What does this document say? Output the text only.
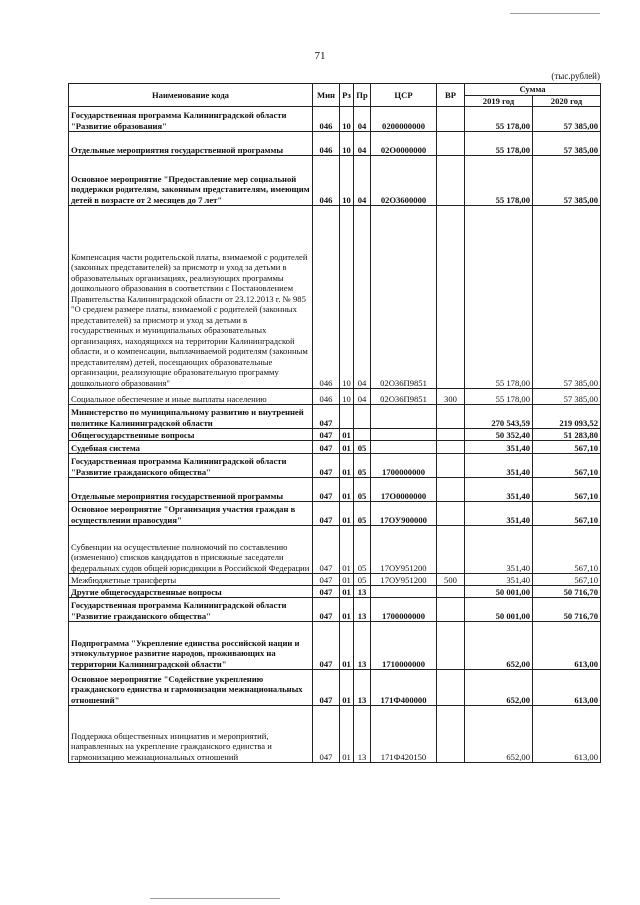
71
(тыс.рублей)
Наименование кода	Мин	Рз	Пр	ЦСР	ВР	Сумма	
						2019 год	2020 год
Государственная программа Калининградской области "Развитие образования"	046	10	04	0200000000		55 178,00	57 385,00
Отдельные мероприятия государственной программы	046	10	04	02О0000000		55 178,00	57 385,00
Основное мероприятие "Предоставление мер социальной поддержки родителям, законным представителям, имеющим детей в возрасте от 2 месяцев до 7 лет"	046	10	04	02О3600000		55 178,00	57 385,00
Компенсация части родительской платы, взимаемой с родителей (законных представителей) за присмотр и уход за детьми в образовательных организациях, реализующих программы дошкольного образования в соответствии с Постановлением Правительства Калининградской области от 23.12.2013 г. № 985 "О среднем размере платы, взимаемой с родителей (законных представителей) за присмотр и уход за детьми в государственных и муниципальных образовательных организациях, находящихся на территории Калининградской области, и о компенсации, выплачиваемой родителям (законным представителям) детей, посещающих образовательные организации, реализующие образовательную программу дошкольного образования"	046	10	04	02О36П9851		55 178,00	57 385,00
Социальное обеспечение и иные выплаты населению	046	10	04	02О36П9851	300	55 178,00	57 385,00
Министерство по муниципальному развитию и внутренней политике Калининградской области	047					270 543,59	219 093,52
Общегосударственные вопросы	047	01				50 352,40	51 283,80
Судебная система	047	01	05			351,40	567,10
Государственная программа Калининградской области "Развитие гражданского общества"	047	01	05	1700000000		351,40	567,10
Отдельные мероприятия государственной программы	047	01	05	17О0000000		351,40	567,10
Основное мероприятие "Организация участия граждан в осуществлении правосудия"	047	01	05	17ОУ900000		351,40	567,10
Субвенции на осуществление полномочий по составлению (изменению) списков кандидатов в присяжные заседатели федеральных судов общей юрисдикции в Российской Федерации	047	01	05	17ОУ951200		351,40	567,10
Межбюджетные трансферты	047	01	05	17ОУ951200	500	351,40	567,10
Другие общегосударственные вопросы	047	01	13			50 001,00	50 716,70
Государственная программа Калининградской области "Развитие гражданского общества"	047	01	13	1700000000		50 001,00	50 716,70
Подпрограмма "Укрепление единства российской нации и этнокультурное развитие народов, проживающих на территории Калининградской области"	047	01	13	1710000000		652,00	613,00
Основное мероприятие "Содействие укреплению гражданского единства и гармонизации межнациональных отношений"	047	01	13	171Ф400000		652,00	613,00
Поддержка общественных инициатив и мероприятий, направленных на укрепление гражданского единства и гармонизацию межнациональных отношений	047	01	13	171Ф420150		652,00	613,00
